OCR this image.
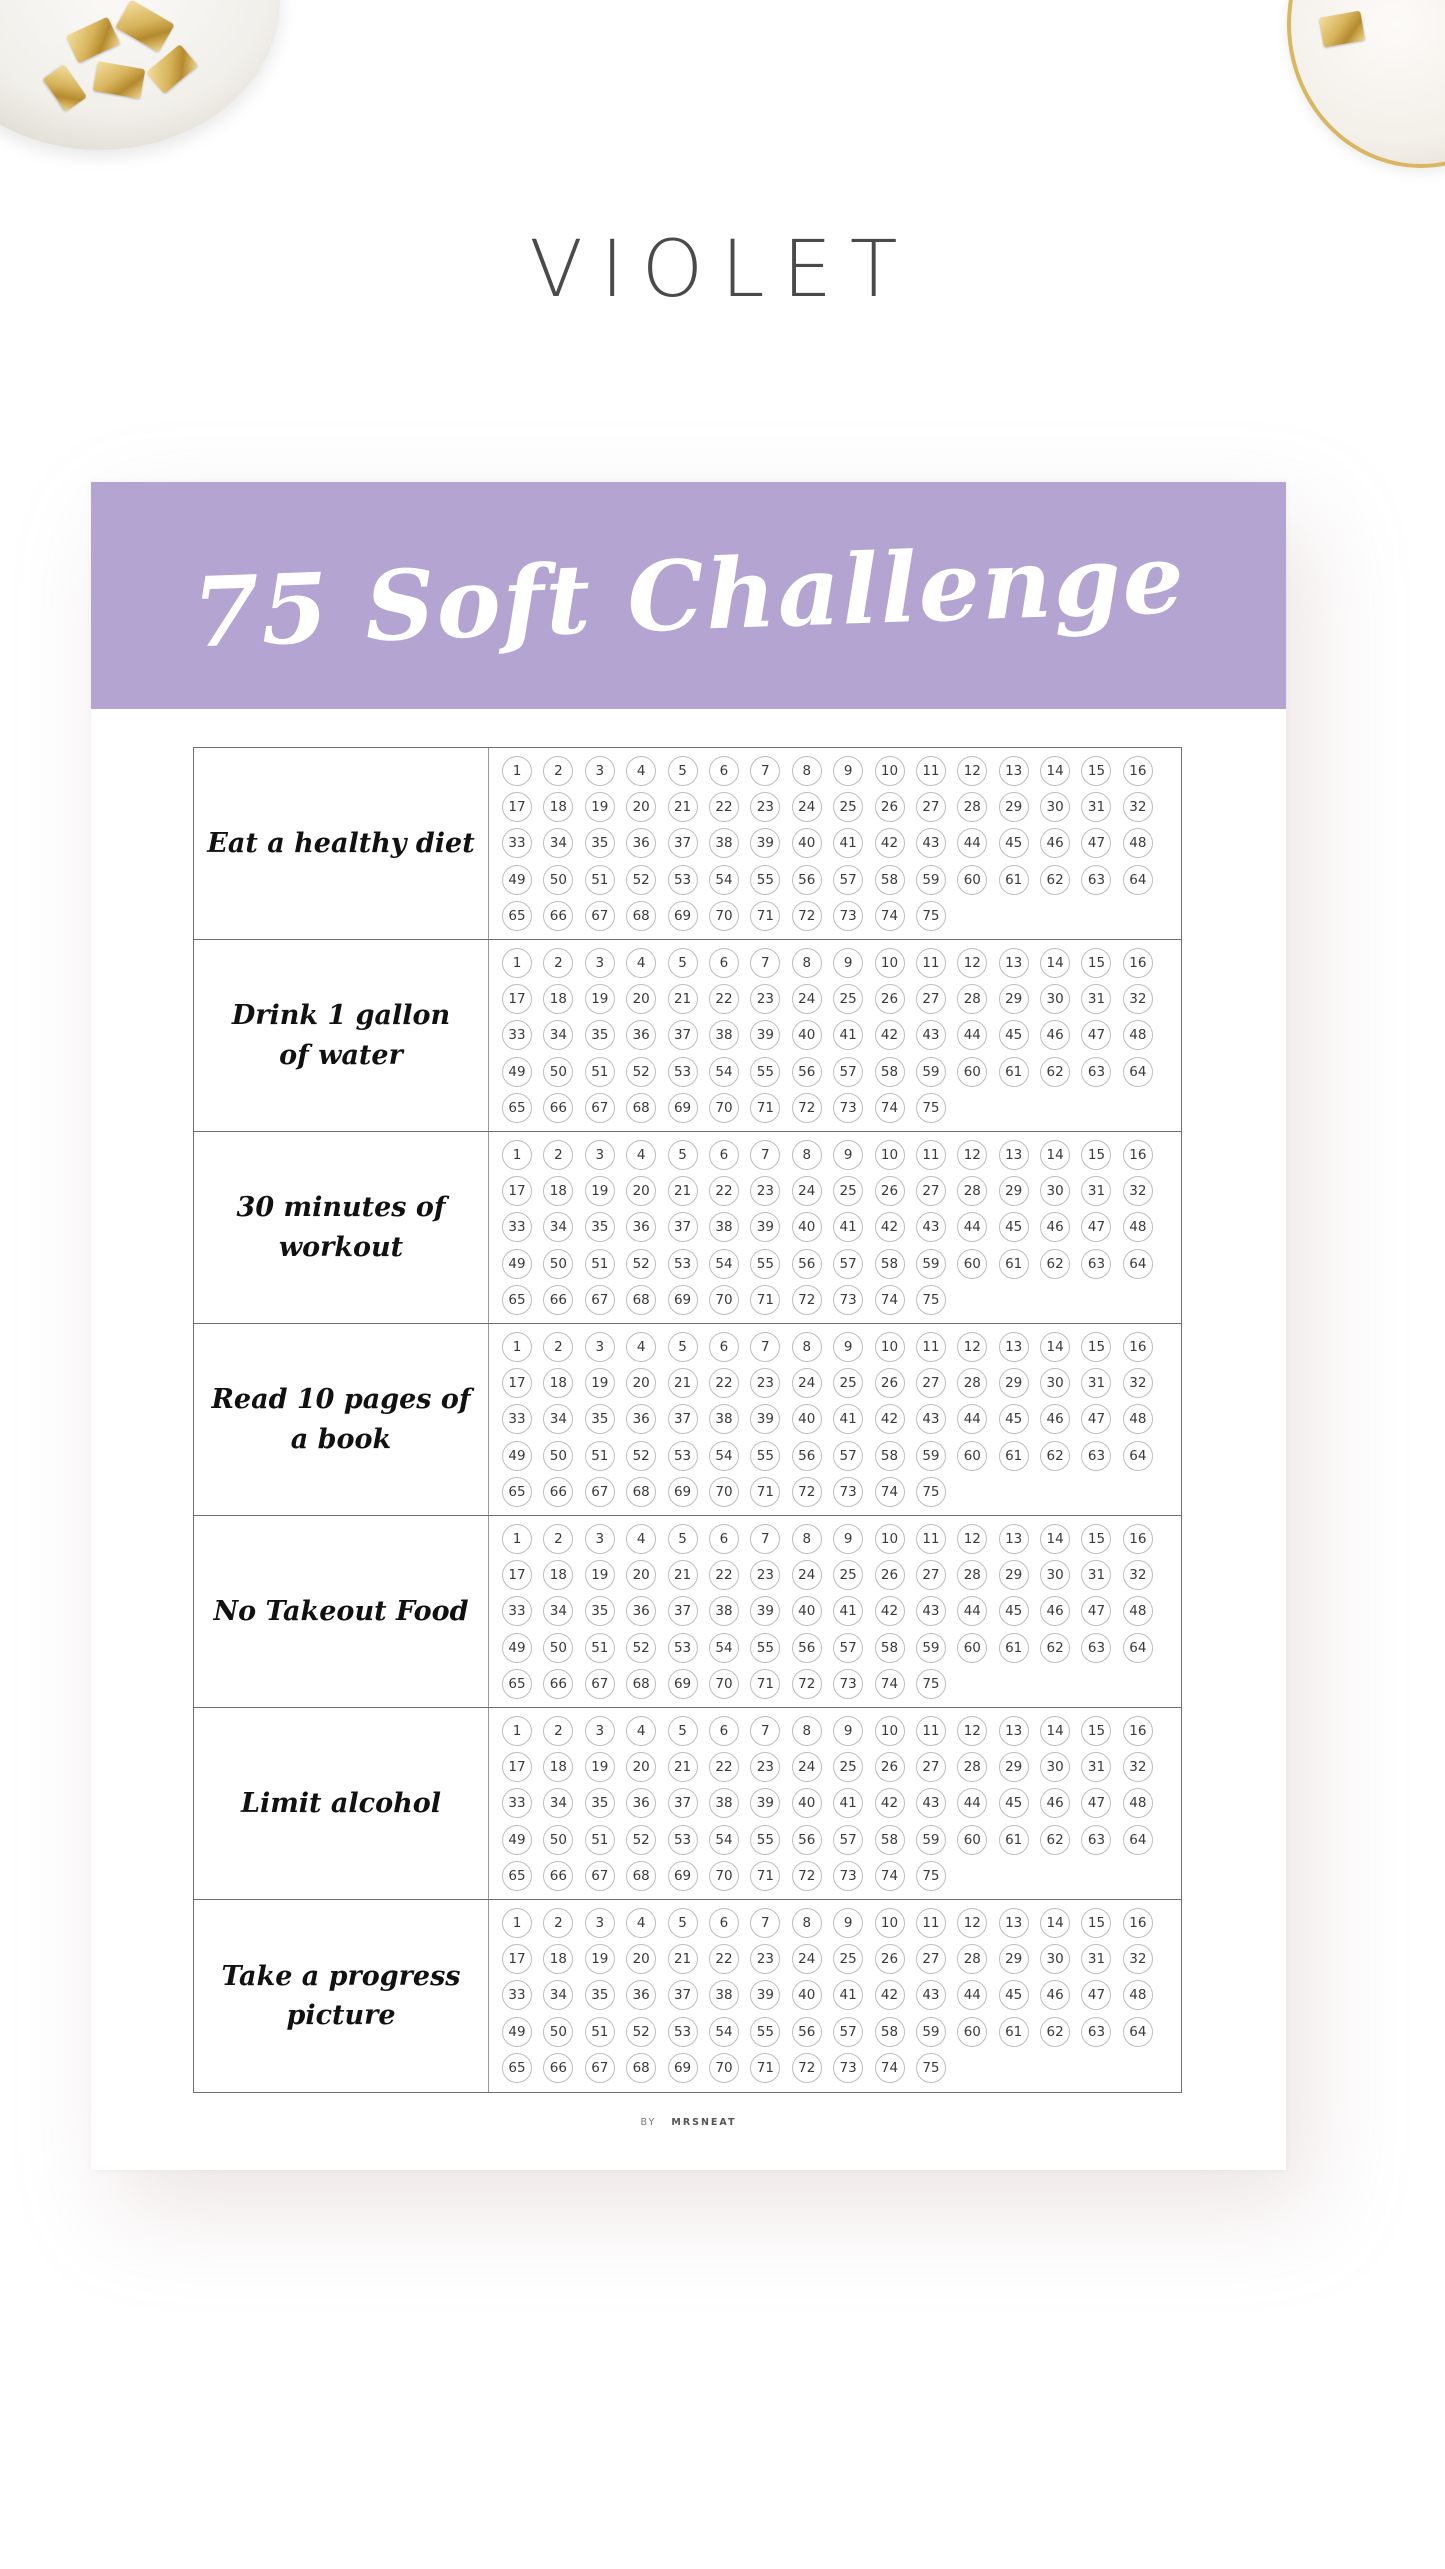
VIOLET
75 Soft Challenge
Eat a healthy diet
1	2	3	4	5	6	7	8	9	10	11	12	13	14	15	16
17	18	19	20	21	22	23	24	25	26	27	28	29	30	31	32
33	34	35	36	37	38	39	40	41	42	43	44	45	46	47	48
49	50	51	52	53	54	55	56	57	58	59	60	61	62	63	64
65	66	67	68	69	70	71	72	73	74	75
Drink 1 gallon
of water
1	2	3	4	5	6	7	8	9	10	11	12	13	14	15	16
17	18	19	20	21	22	23	24	25	26	27	28	29	30	31	32
33	34	35	36	37	38	39	40	41	42	43	44	45	46	47	48
49	50	51	52	53	54	55	56	57	58	59	60	61	62	63	64
65	66	67	68	69	70	71	72	73	74	75
30 minutes of workout
1	2	3	4	5	6	7	8	9	10	11	12	13	14	15	16
17	18	19	20	21	22	23	24	25	26	27	28	29	30	31	32
33	34	35	36	37	38	39	40	41	42	43	44	45	46	47	48
49	50	51	52	53	54	55	56	57	58	59	60	61	62	63	64
65	66	67	68	69	70	71	72	73	74	75
Read 10 pages of a book
1	2	3	4	5	6	7	8	9	10	11	12	13	14	15	16
17	18	19	20	21	22	23	24	25	26	27	28	29	30	31	32
33	34	35	36	37	38	39	40	41	42	43	44	45	46	47	48
49	50	51	52	53	54	55	56	57	58	59	60	61	62	63	64
65	66	67	68	69	70	71	72	73	74	75
No Takeout Food
1	2	3	4	5	6	7	8	9	10	11	12	13	14	15	16
17	18	19	20	21	22	23	24	25	26	27	28	29	30	31	32
33	34	35	36	37	38	39	40	41	42	43	44	45	46	47	48
49	50	51	52	53	54	55	56	57	58	59	60	61	62	63	64
65	66	67	68	69	70	71	72	73	74	75
Limit alcohol
1	2	3	4	5	6	7	8	9	10	11	12	13	14	15	16
17	18	19	20	21	22	23	24	25	26	27	28	29	30	31	32
33	34	35	36	37	38	39	40	41	42	43	44	45	46	47	48
49	50	51	52	53	54	55	56	57	58	59	60	61	62	63	64
65	66	67	68	69	70	71	72	73	74	75
Take a progress picture
1	2	3	4	5	6	7	8	9	10	11	12	13	14	15	16
17	18	19	20	21	22	23	24	25	26	27	28	29	30	31	32
33	34	35	36	37	38	39	40	41	42	43	44	45	46	47	48
49	50	51	52	53	54	55	56	57	58	59	60	61	62	63	64
65	66	67	68	69	70	71	72	73	74	75
BY MRSNEAT
